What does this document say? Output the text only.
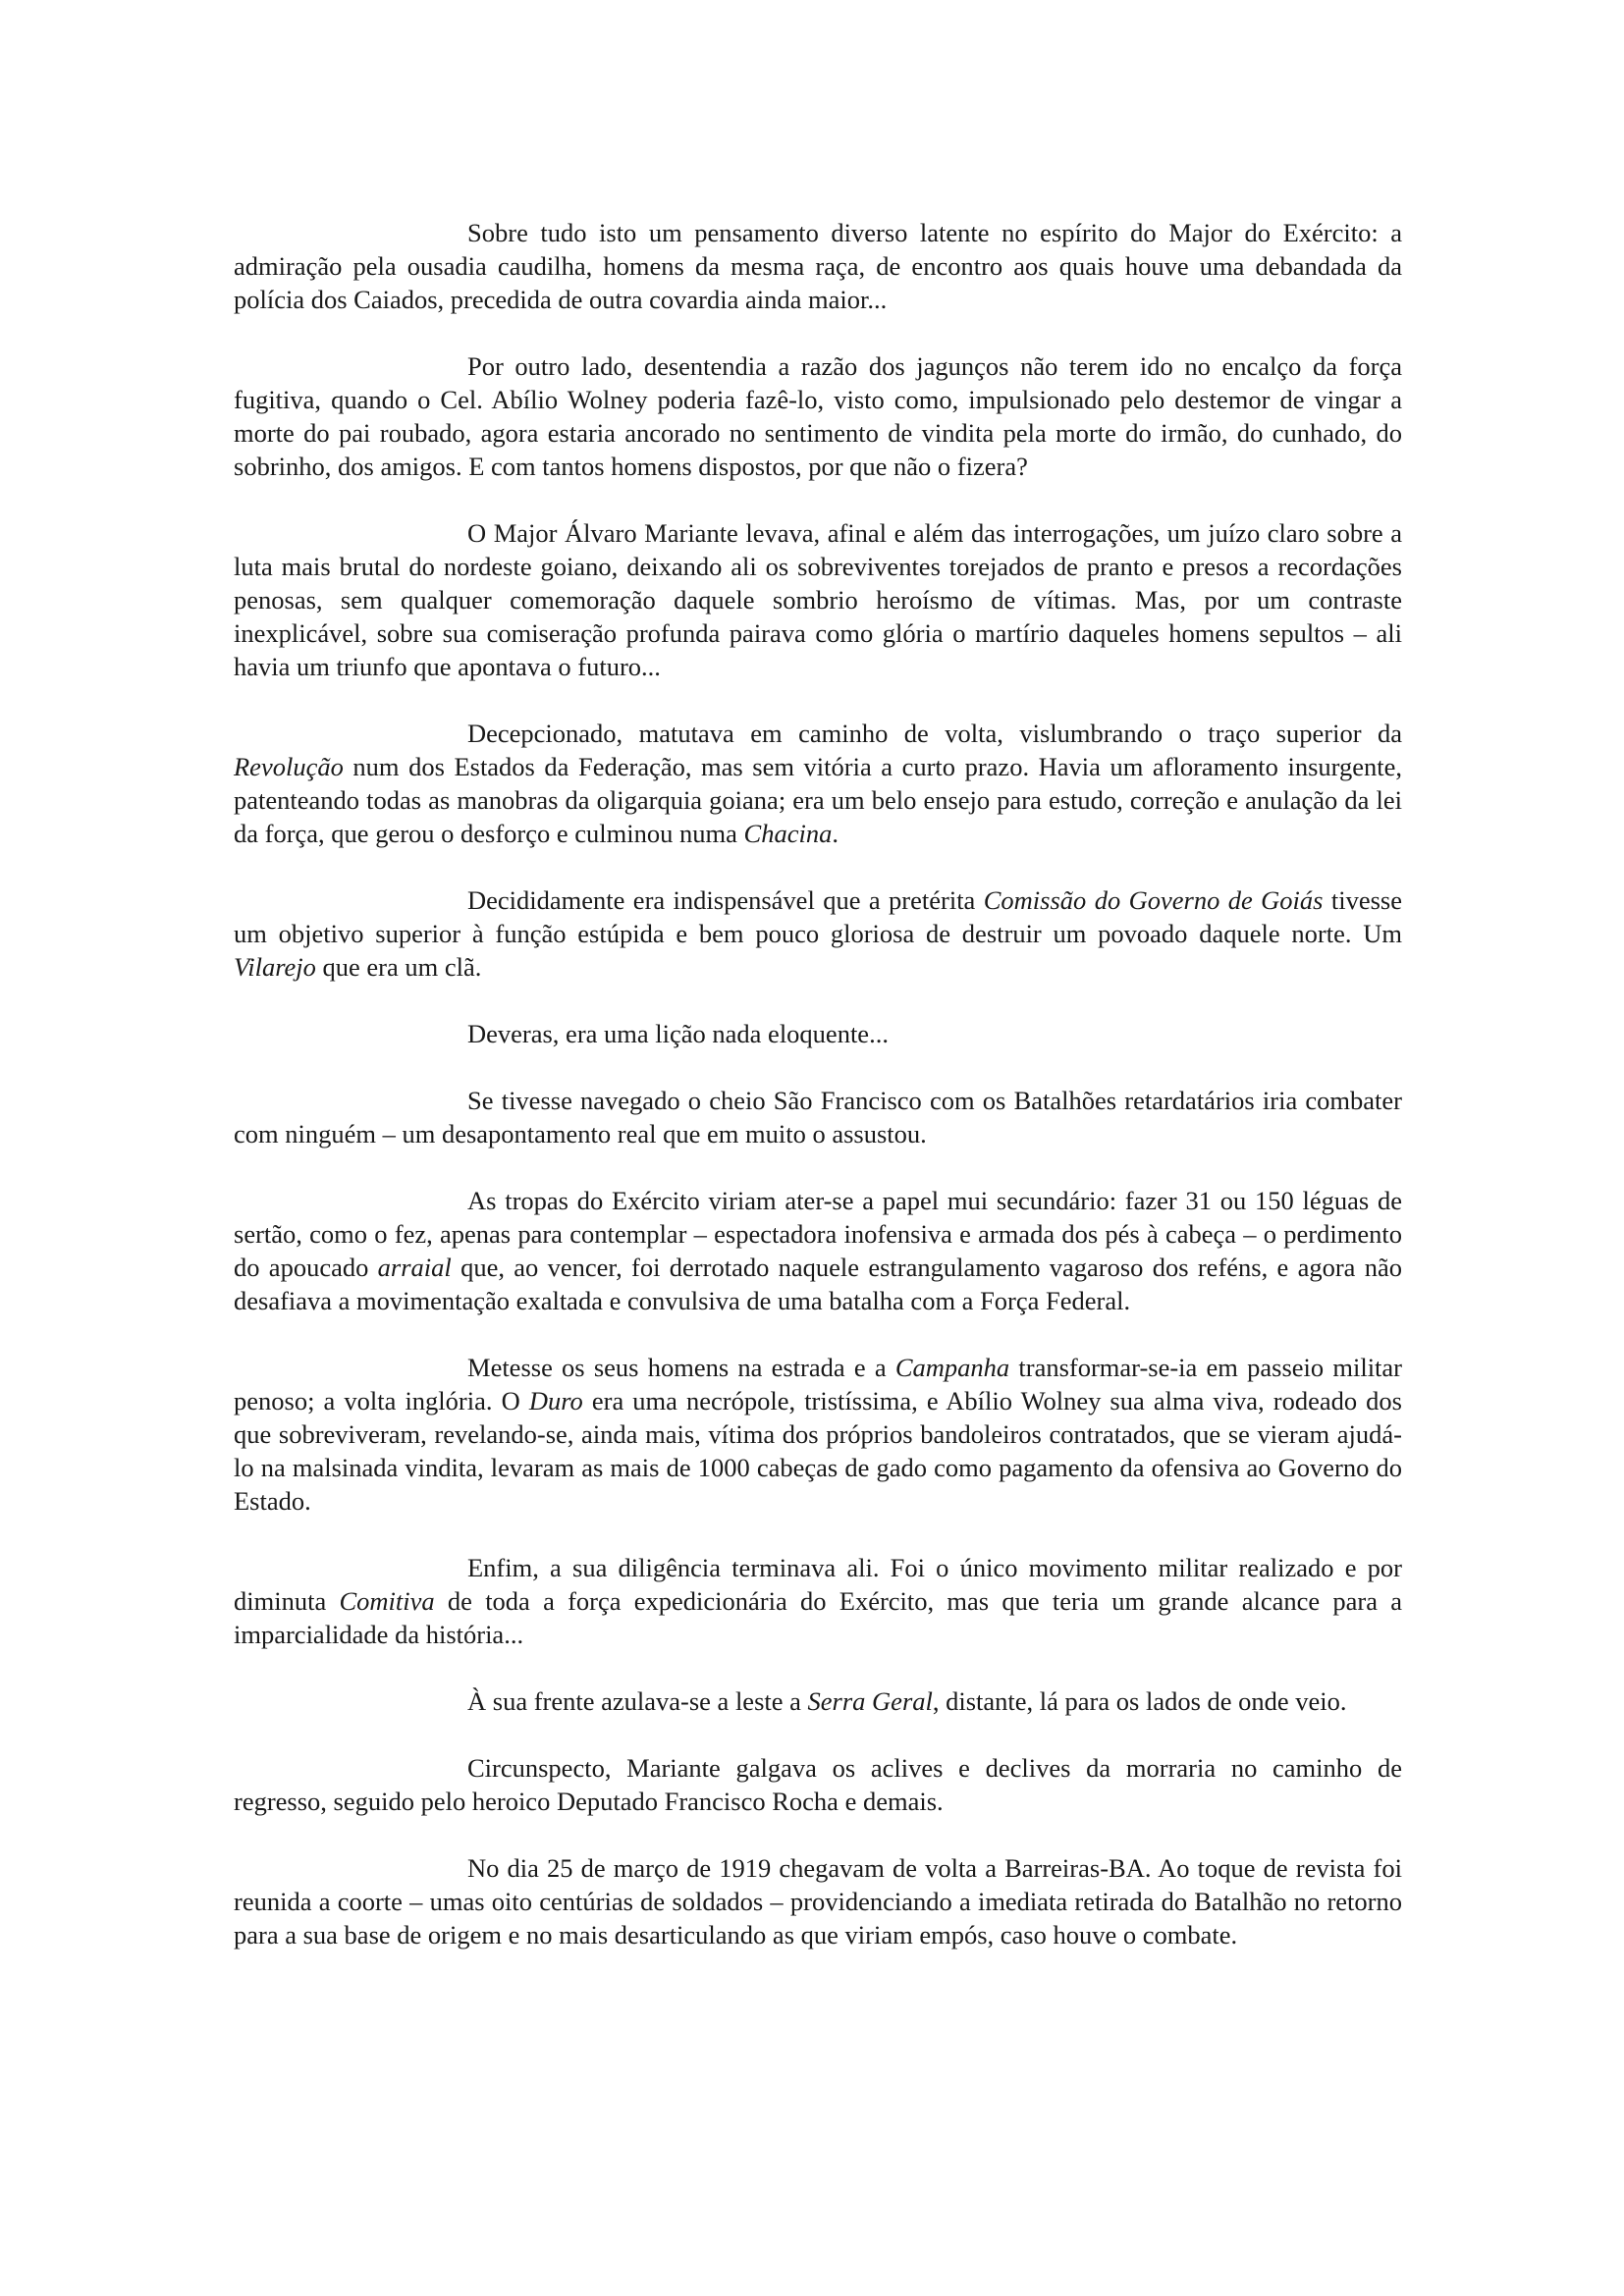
Sobre tudo isto um pensamento diverso latente no espírito do Major do Exército: a admiração pela ousadia caudilha, homens da mesma raça, de encontro aos quais houve uma debandada da polícia dos Caiados, precedida de outra covardia ainda maior...

Por outro lado, desentendia a razão dos jagunços não terem ido no encalço da força fugitiva, quando o Cel. Abílio Wolney poderia fazê-lo, visto como, impulsionado pelo destemor de vingar a morte do pai roubado, agora estaria ancorado no sentimento de vindita pela morte do irmão, do cunhado, do sobrinho, dos amigos. E com tantos homens dispostos, por que não o fizera?

O Major Álvaro Mariante levava, afinal e além das interrogações, um juízo claro sobre a luta mais brutal do nordeste goiano, deixando ali os sobreviventes torejados de pranto e presos a recordações penosas, sem qualquer comemoração daquele sombrio heroísmo de vítimas. Mas, por um contraste inexplicável, sobre sua comiseração profunda pairava como glória o martírio daqueles homens sepultos – ali havia um triunfo que apontava o futuro...

Decepcionado, matutava em caminho de volta, vislumbrando o traço superior da Revolução num dos Estados da Federação, mas sem vitória a curto prazo. Havia um afloramento insurgente, patenteando todas as manobras da oligarquia goiana; era um belo ensejo para estudo, correção e anulação da lei da força, que gerou o desforço e culminou numa Chacina.

Decididamente era indispensável que a pretérita Comissão do Governo de Goiás tivesse um objetivo superior à função estúpida e bem pouco gloriosa de destruir um povoado daquele norte. Um Vilarejo que era um clã.

Deveras, era uma lição nada eloquente...

Se tivesse navegado o cheio São Francisco com os Batalhões retardatários iria combater com ninguém – um desapontamento real que em muito o assustou.

As tropas do Exército viriam ater-se a papel mui secundário: fazer 31 ou 150 léguas de sertão, como o fez, apenas para contemplar – espectadora inofensiva e armada dos pés à cabeça – o perdimento do apoucado arraial que, ao vencer, foi derrotado naquele estrangulamento vagaroso dos reféns, e agora não desafiava a movimentação exaltada e convulsiva de uma batalha com a Força Federal.

Metesse os seus homens na estrada e a Campanha transformar-se-ia em passeio militar penoso; a volta inglória. O Duro era uma necrópole, tristíssima, e Abílio Wolney sua alma viva, rodeado dos que sobreviveram, revelando-se, ainda mais, vítima dos próprios bandoleiros contratados, que se vieram ajudá-lo na malsinada vindita, levaram as mais de 1000 cabeças de gado como pagamento da ofensiva ao Governo do Estado.

Enfim, a sua diligência terminava ali. Foi o único movimento militar realizado e por diminuta Comitiva de toda a força expedicionária do Exército, mas que teria um grande alcance para a imparcialidade da história...

À sua frente azulava-se a leste a Serra Geral, distante, lá para os lados de onde veio.

Circunspecto, Mariante galgava os aclives e declives da morraria no caminho de regresso, seguido pelo heroico Deputado Francisco Rocha e demais.

No dia 25 de março de 1919 chegavam de volta a Barreiras-BA. Ao toque de revista foi reunida a coorte – umas oito centúrias de soldados – providenciando a imediata retirada do Batalhão no retorno para a sua base de origem e no mais desarticulando as que viriam empós, caso houve o combate.
